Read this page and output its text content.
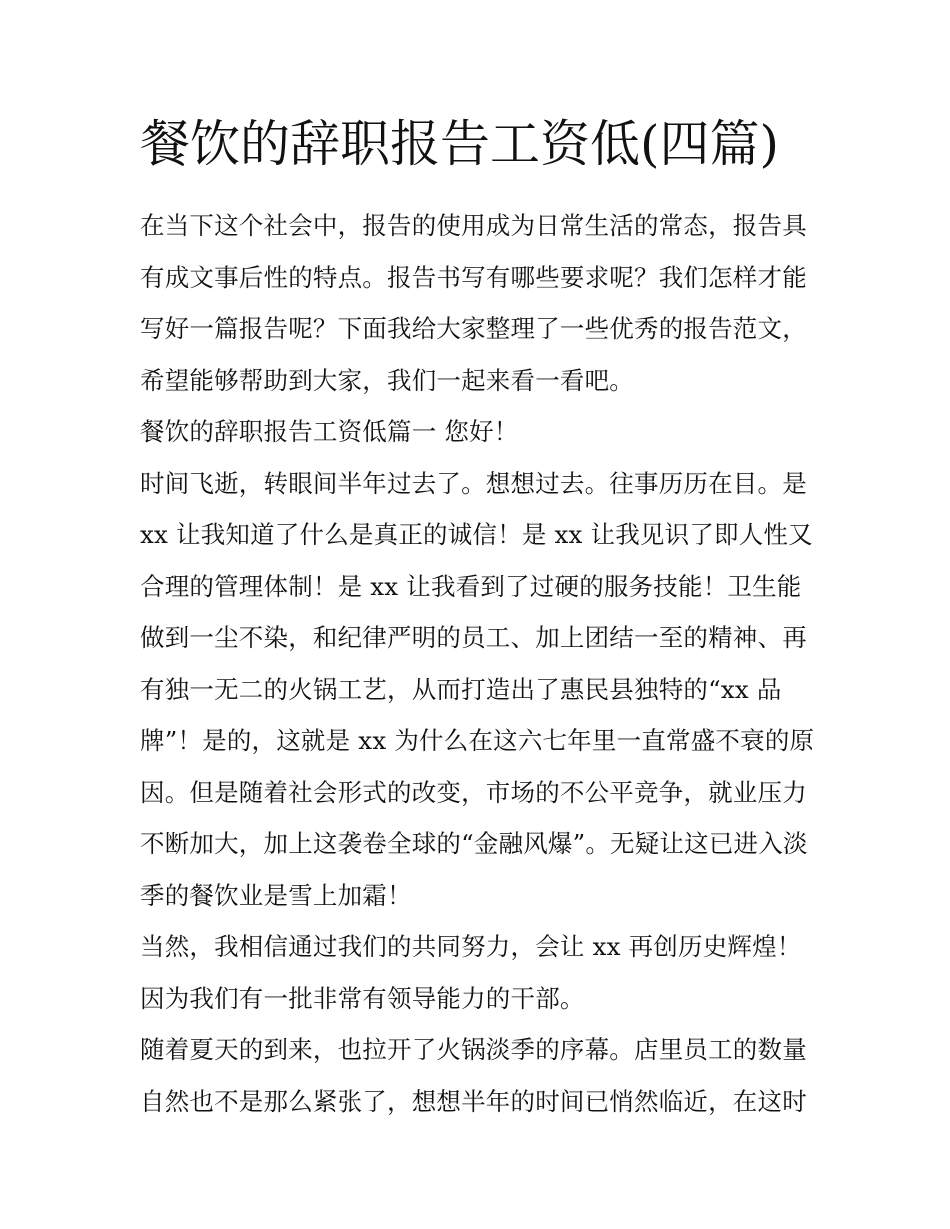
餐饮的辞职报告工资低(四篇)
在当下这个社会中，报告的使用成为日常生活的常态，报告具
有成文事后性的特点。报告书写有哪些要求呢？我们怎样才能
写好一篇报告呢？下面我给大家整理了一些优秀的报告范文，
希望能够帮助到大家，我们一起来看一看吧。
餐饮的辞职报告工资低篇一 您好！
时间飞逝，转眼间半年过去了。想想过去。往事历历在目。是
xx 让我知道了什么是真正的诚信！是 xx 让我见识了即人性又
合理的管理体制！是 xx 让我看到了过硬的服务技能！卫生能
做到一尘不染，和纪律严明的员工、加上团结一至的精神、再
有独一无二的火锅工艺，从而打造出了惠民县独特的“xx 品
牌”！是的，这就是 xx 为什么在这六七年里一直常盛不衰的原
因。但是随着社会形式的改变，市场的不公平竞争，就业压力
不断加大，加上这袭卷全球的“金融风爆”。无疑让这已进入淡
季的餐饮业是雪上加霜！
当然，我相信通过我们的共同努力，会让 xx 再创历史辉煌！
因为我们有一批非常有领导能力的干部。
随着夏天的到来，也拉开了火锅淡季的序幕。店里员工的数量
自然也不是那么紧张了，想想半年的时间已悄然临近，在这时
